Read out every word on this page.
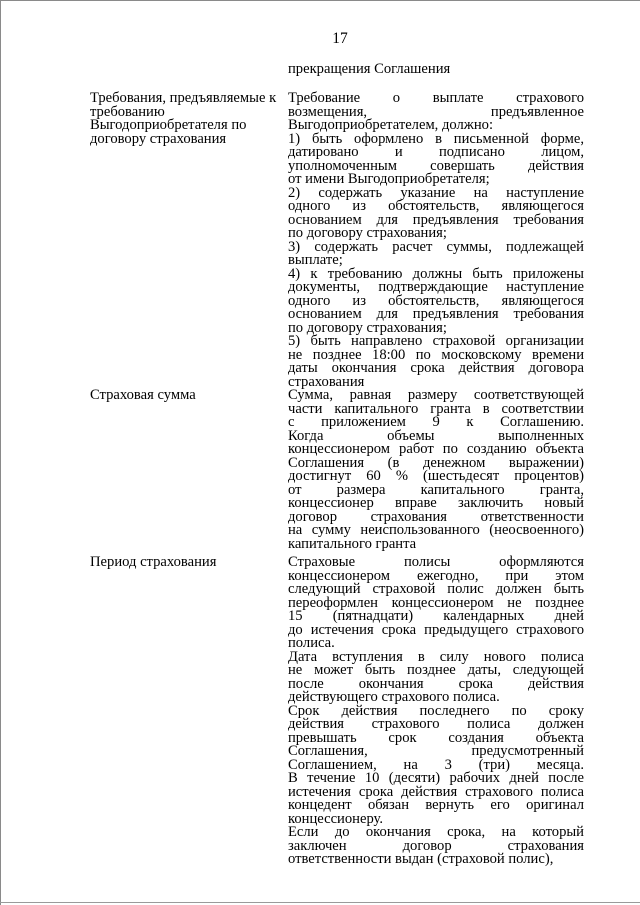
17
прекращения Соглашения
Требования, предъявляемые к требованию Выгодоприобретателя по договору страхования

Требование о выплате страхового

возмещения, предъявленное

Выгодоприобретателем, должно:

1) быть оформлено в письменной форме,

датировано и подписано лицом,

уполномоченным совершать действия

от имени Выгодоприобретателя;

2) содержать указание на наступление

одного из обстоятельств, являющегося

основанием для предъявления требования

по договору страхования;

3) содержать расчет суммы, подлежащей

выплате;

4) к требованию должны быть приложены

документы, подтверждающие наступление

одного из обстоятельств, являющегося

основанием для предъявления требования

по договору страхования;

5) быть направлено страховой организации

не позднее 18:00 по московскому времени

даты окончания срока действия договора

страхования

Страховая сумма	Сумма, равная размеру соответствующей

части капитального гранта в соответствии

с приложением 9 к Соглашению.

Когда объемы выполненных

концессионером работ по созданию объекта

Соглашения (в денежном выражении)

достигнут 60 % (шестьдесят процентов)

от размера капитального гранта,

концессионер вправе заключить новый

договор страхования ответственности

на сумму неиспользованного (неосвоенного)

капитального гранта

Период страхования	Страховые полисы оформляются

концессионером ежегодно, при этом

следующий страховой полис должен быть

переоформлен концессионером не позднее

15 (пятнадцати) календарных дней

до истечения срока предыдущего страхового

полиса.

Дата вступления в силу нового полиса

не может быть позднее даты, следующей

после окончания срока действия

действующего страхового полиса.

Срок действия последнего по сроку

действия страхового полиса должен

превышать срок создания объекта

Соглашения, предусмотренный

Соглашением, на 3 (три) месяца.

В течение 10 (десяти) рабочих дней после

истечения срока действия страхового полиса

концедент обязан вернуть его оригинал

концессионеру.

Если до окончания срока, на который

заключен договор страхования

ответственности выдан (страховой полис),
